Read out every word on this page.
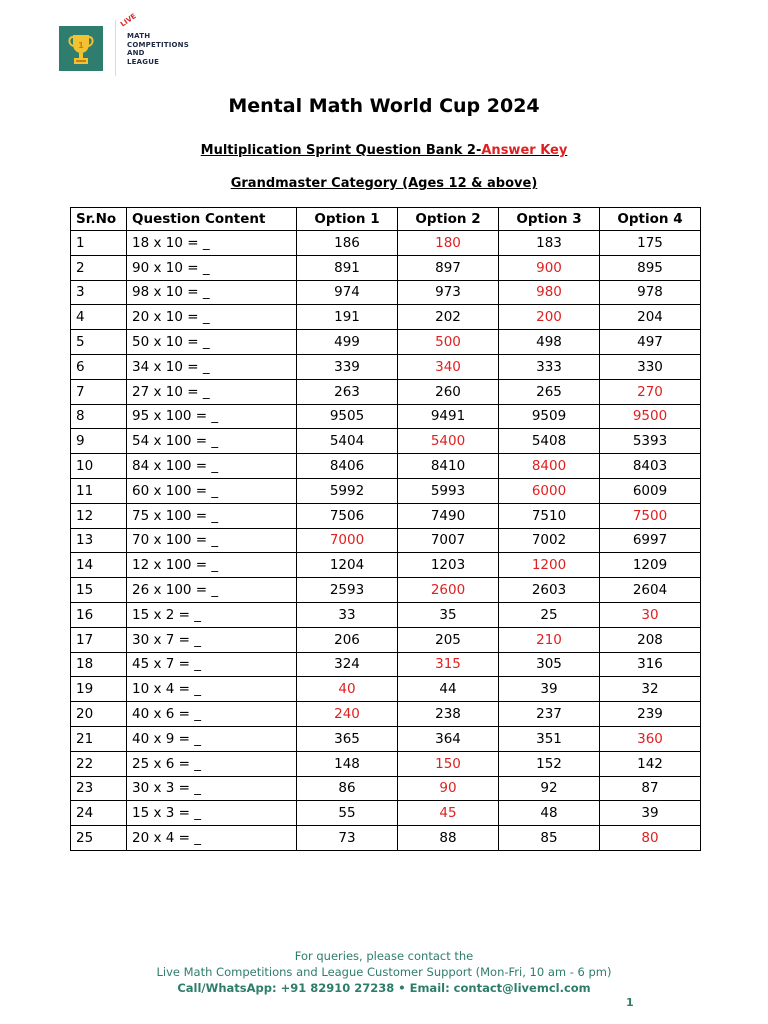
1
LIVE
MATH
COMPETITIONS
AND
LEAGUE
Mental Math World Cup 2024
Multiplication Sprint Question Bank 2-Answer Key
Grandmaster Category (Ages 12 & above)
Sr.No	Question Content	Option 1	Option 2	Option 3	Option 4
1	18 x 10 = _	186	180	183	175
2	90 x 10 = _	891	897	900	895
3	98 x 10 = _	974	973	980	978
4	20 x 10 = _	191	202	200	204
5	50 x 10 = _	499	500	498	497
6	34 x 10 = _	339	340	333	330
7	27 x 10 = _	263	260	265	270
8	95 x 100 = _	9505	9491	9509	9500
9	54 x 100 = _	5404	5400	5408	5393
10	84 x 100 = _	8406	8410	8400	8403
11	60 x 100 = _	5992	5993	6000	6009
12	75 x 100 = _	7506	7490	7510	7500
13	70 x 100 = _	7000	7007	7002	6997
14	12 x 100 = _	1204	1203	1200	1209
15	26 x 100 = _	2593	2600	2603	2604
16	15 x 2 = _	33	35	25	30
17	30 x 7 = _	206	205	210	208
18	45 x 7 = _	324	315	305	316
19	10 x 4 = _	40	44	39	32
20	40 x 6 = _	240	238	237	239
21	40 x 9 = _	365	364	351	360
22	25 x 6 = _	148	150	152	142
23	30 x 3 = _	86	90	92	87
24	15 x 3 = _	55	45	48	39
25	20 x 4 = _	73	88	85	80
For queries, please contact the
Live Math Competitions and League Customer Support (Mon-Fri, 10 am - 6 pm)
Call/WhatsApp: +91 82910 27238 • Email: contact@livemcl.com
1
